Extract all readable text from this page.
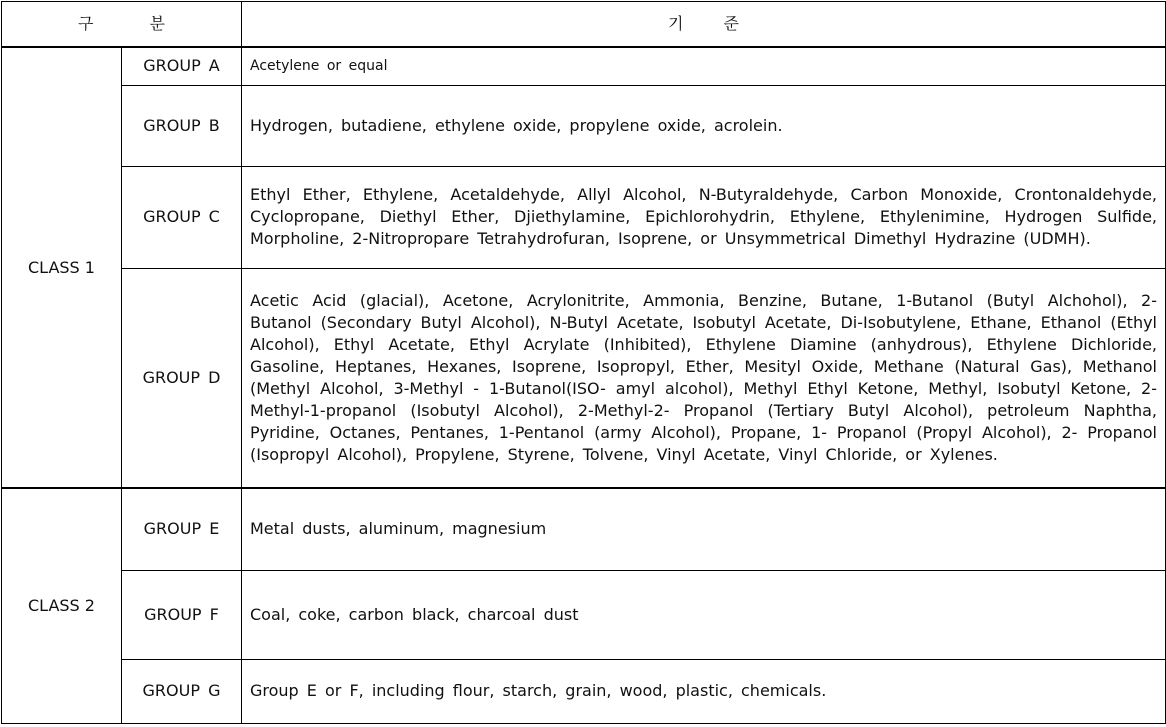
구 분		기 준
CLASS 1	GROUP A	Acetylene or equal
	GROUP B	Hydrogen, butadiene, ethylene oxide, propylene oxide, acrolein.
	GROUP C	Ethyl Ether, Ethylene, Acetaldehyde, Allyl Alcohol, N-Butyraldehyde, Carbon Monoxide, Crontonaldehyde, Cyclopropane, Diethyl Ether, Djiethylamine, Epichlorohydrin, Ethylene, Ethylenimine, Hydrogen Sulfide, Morpholine, 2-Nitropropare Tetrahydrofuran, Isoprene, or Unsymmetrical Dimethyl Hydrazine (UDMH).
	GROUP D	Acetic Acid (glacial), Acetone, Acrylonitrite, Ammonia, Benzine, Butane, 1-Butanol (Butyl Alchohol), 2-Butanol (Secondary Butyl Alcohol), N-Butyl Acetate, Isobutyl Acetate, Di-Isobutylene, Ethane, Ethanol (Ethyl Alcohol), Ethyl Acetate, Ethyl Acrylate (Inhibited), Ethylene Diamine (anhydrous), Ethylene Dichloride, Gasoline, Heptanes, Hexanes, Isoprene, Isopropyl, Ether, Mesityl Oxide, Methane (Natural Gas), Methanol (Methyl Alcohol, 3-Methyl - 1-Butanol(ISO- amyl alcohol), Methyl Ethyl Ketone, Methyl, Isobutyl Ketone, 2-Methyl-1-propanol (Isobutyl Alcohol), 2-Methyl-2- Propanol (Tertiary Butyl Alcohol), petroleum Naphtha, Pyridine, Octanes, Pentanes, 1-Pentanol (army Alcohol), Propane, 1- Propanol (Propyl Alcohol), 2- Propanol (Isopropyl Alcohol), Propylene, Styrene, Tolvene, Vinyl Acetate, Vinyl Chloride, or Xylenes.
CLASS 2	GROUP E	Metal dusts, aluminum, magnesium
	GROUP F	Coal, coke, carbon black, charcoal dust
	GROUP G	Group E or F, including flour, starch, grain, wood, plastic, chemicals.
